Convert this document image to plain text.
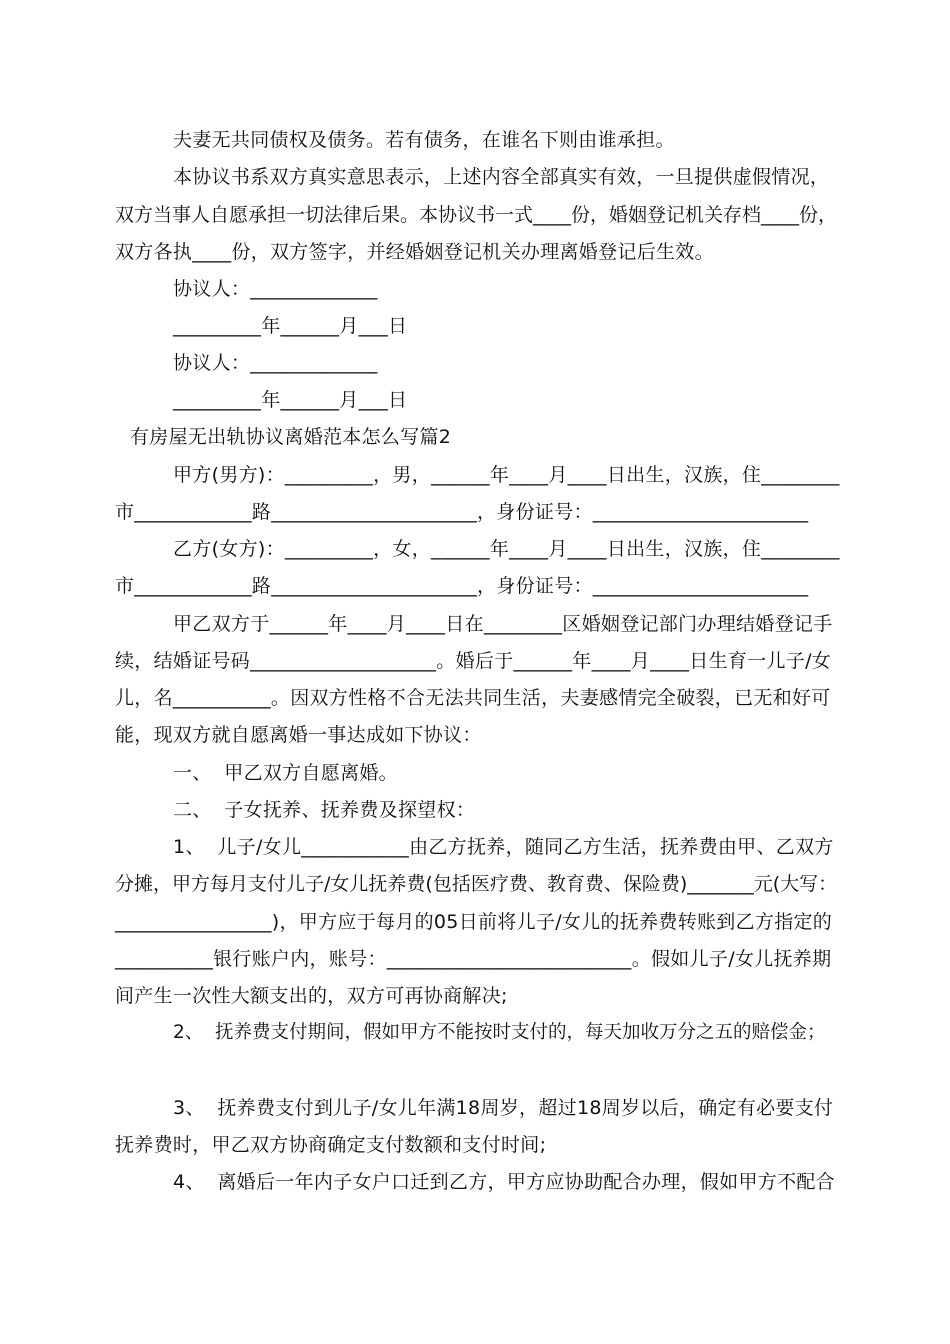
夫妻无共同债权及债务。若有债务，在谁名下则由谁承担。
本协议书系双方真实意思表示，上述内容全部真实有效，一旦提供虚假情况，
双方当事人自愿承担一切法律后果。本协议书一式____份，婚姻登记机关存档____份，
双方各执____份，双方签字，并经婚姻登记机关办理离婚登记后生效。
协议人：_____________
_________年______月___日
协议人：_____________
_________年______月___日
有房屋无出轨协议离婚范本怎么写篇2
甲方(男方)：_________，男，______年____月____日出生，汉族，住________
市____________路_____________________，身份证号：______________________
乙方(女方)：_________，女，______年____月____日出生，汉族，住________
市____________路_____________________，身份证号：______________________
甲乙双方于______年____月____日在________区婚姻登记部门办理结婚登记手
续，结婚证号码___________________。婚后于______年____月____日生育一儿子/女
儿，名__________。因双方性格不合无法共同生活，夫妻感情完全破裂，已无和好可
能，现双方就自愿离婚一事达成如下协议：
一、  甲乙双方自愿离婚。
二、  子女抚养、抚养费及探望权：
1、  儿子/女儿___________由乙方抚养，随同乙方生活，抚养费由甲、乙双方
分摊，甲方每月支付儿子/女儿抚养费(包括医疗费、教育费、保险费)_______元(大写：
________________)，甲方应于每月的05日前将儿子/女儿的抚养费转账到乙方指定的
__________银行账户内，账号：_________________________。假如儿子/女儿抚养期
间产生一次性大额支出的，双方可再协商解决;
2、  抚养费支付期间，假如甲方不能按时支付的，每天加收万分之五的赔偿金；
3、  抚养费支付到儿子/女儿年满18周岁，超过18周岁以后，确定有必要支付
抚养费时，甲乙双方协商确定支付数额和支付时间;
4、  离婚后一年内子女户口迁到乙方，甲方应协助配合办理，假如甲方不配合
